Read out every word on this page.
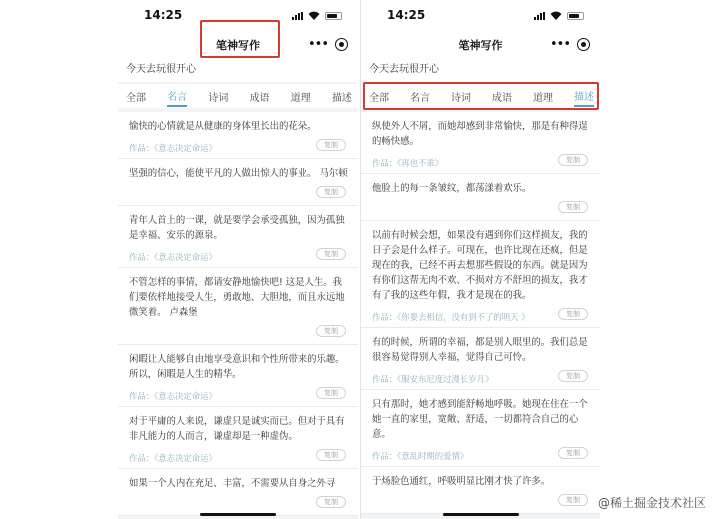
14:25
笔神写作	•••
今天去玩很开心
全部 名言 诗词 成语 道理 描述
愉快的心情就是从健康的身体里长出的花朵。
作品：《意志决定命运》	复制
坚强的信心，能使平凡的人做出惊人的事业。 马尔顿
复制
青年人首上的一课，就是要学会承受孤独，因为孤独是幸福、安乐的源泉。
作品：《意志决定命运》	复制
不管怎样的事情，都请安静地愉快吧! 这是人生。我们要依样地接受人生，勇敢地、大胆地，而且永远地微笑着。 卢森堡
复制
闲暇让人能够自由地享受意识和个性所带来的乐趣。所以，闲暇是人生的精华。
作品：《意志决定命运》	复制
对于平庸的人来说，谦虚只是诚实而已。但对于具有非凡能力的人而言，谦虚却是一种虚伪。
作品：《意志决定命运》	复制
如果一个人内在充足、丰富，不需要从自身之外寻
复制
14:25
笔神写作	•••
今天去玩很开心
全部 名言 诗词 成语 道理 描述
纵使外人不屑，而她却感到非常愉快，那是有种得逞的畅快感。
作品：《再也不乖》	复制
他脸上的每一条皱纹，都荡漾着欢乐。
复制
以前有时候会想，如果没有遇到你们这样损友，我的日子会是什么样子。可现在，也许比现在还疯，但是现在的我，已经不再去想那些假设的东西。就是因为有你们这帮无肉不欢、不损对方不舒坦的损友，我才有了我的这些年假，我才是现在的我。
作品：《你要去相信，没有到不了的明天 》	复制
有的时候，所谓的幸福，都是别人眼里的。我们总是很容易觉得别人幸福，觉得自己可怜。
作品：《服安东尼度过漫长岁月》	复制
只有那时，她才感到能舒畅地呼吸。她现在住在一个她一直的家里，宽敞、舒适，一切都符合自己的心意。
作品：《意乱时期的爱情》	复制
于炀脸色通红，呼吸明显比刚才快了许多。
复制	@稀土掘金技术社区
